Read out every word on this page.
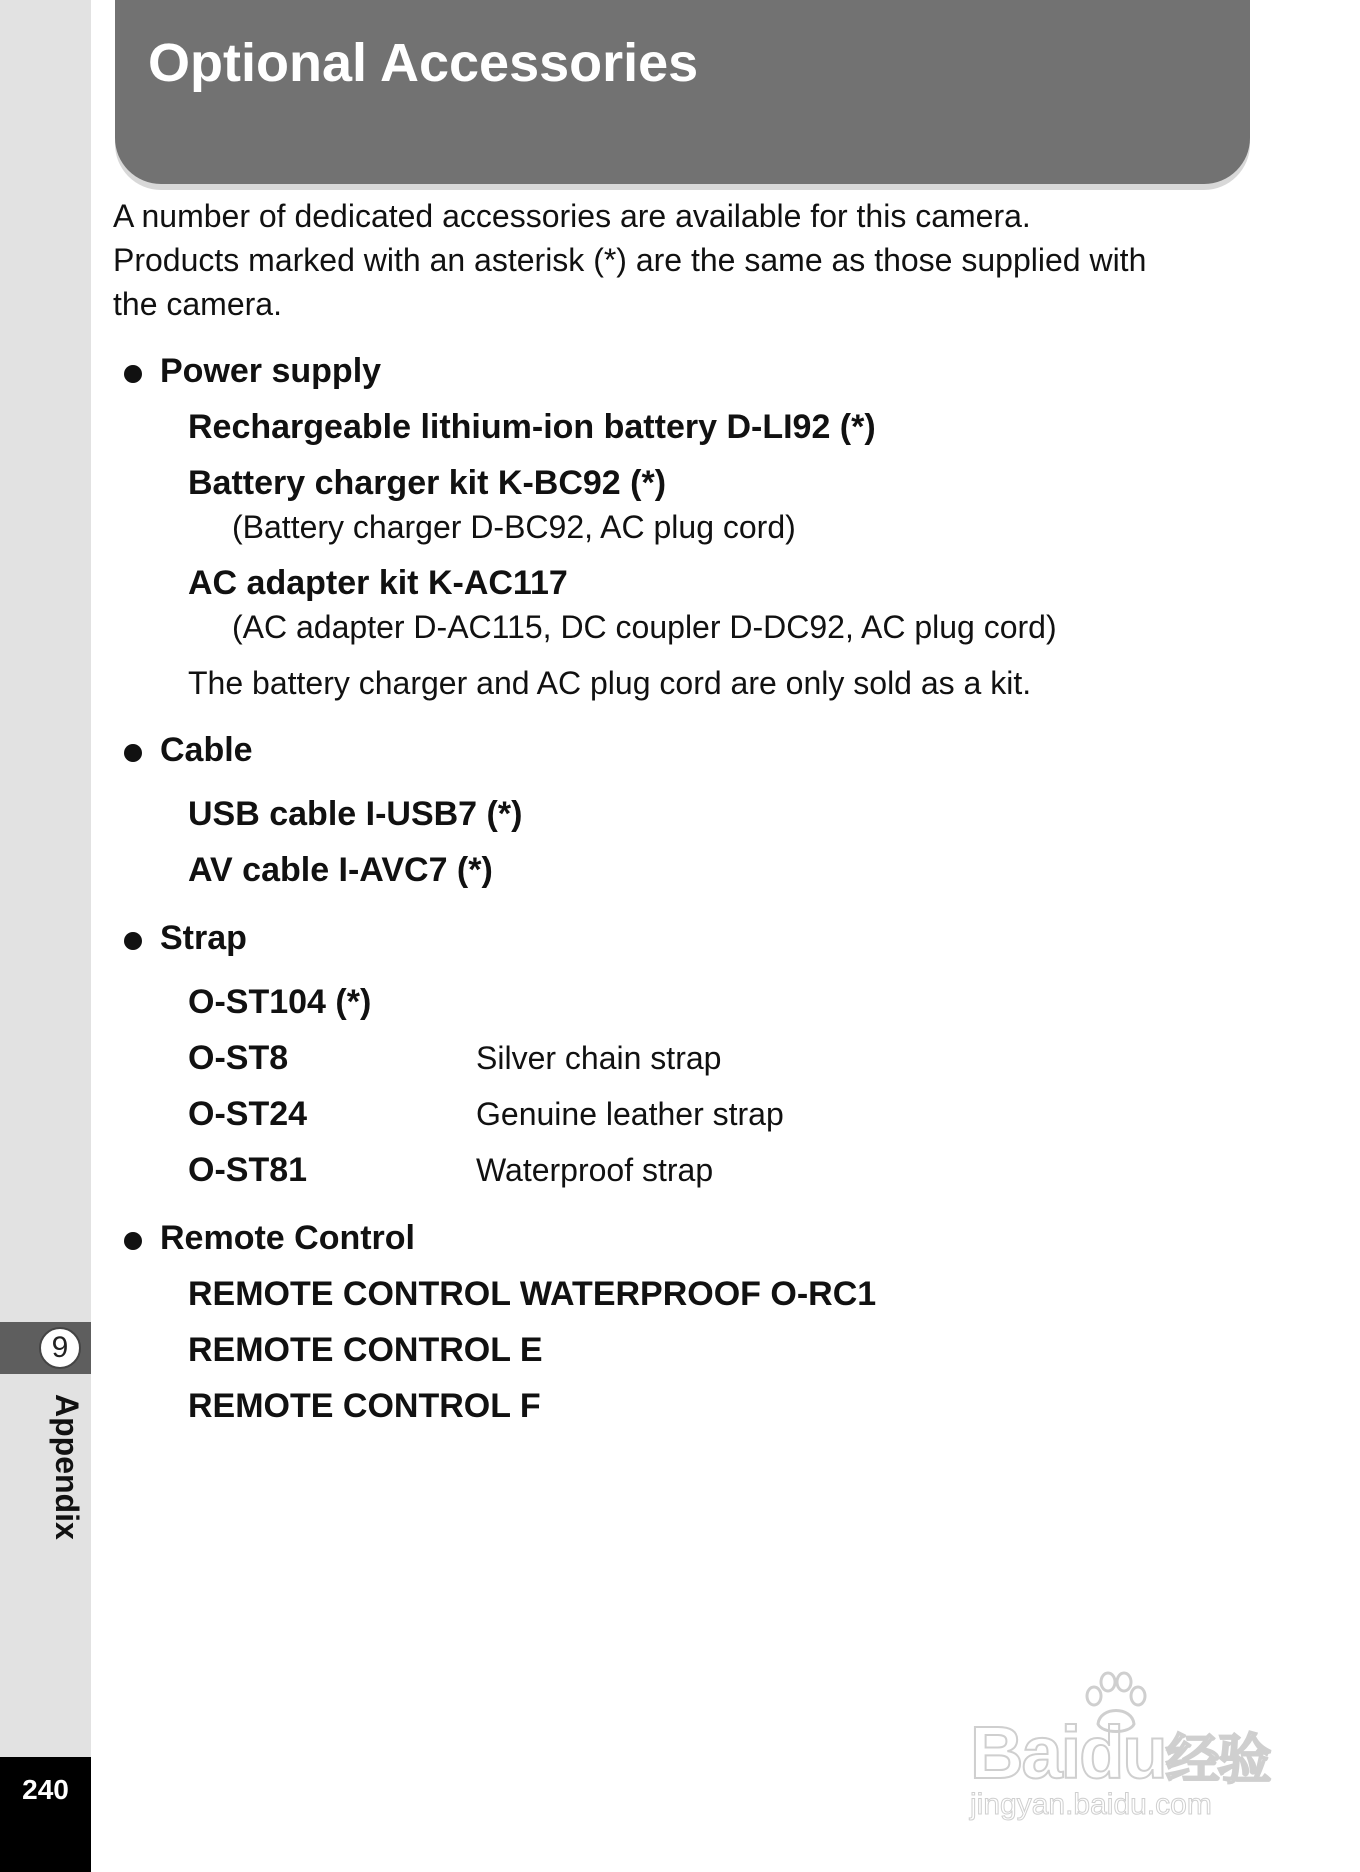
9
Appendix
240
Optional Accessories

A number of dedicated accessories are available for this camera.
Products marked with an asterisk (*) are the same as those supplied with
the camera.

Power supply
Rechargeable lithium-ion battery D-LI92 (*)
Battery charger kit K-BC92 (*)
(Battery charger D-BC92, AC plug cord)
AC adapter kit K-AC117
(AC adapter D-AC115, DC coupler D-DC92, AC plug cord)
The battery charger and AC plug cord are only sold as a kit.
Cable
USB cable I-USB7 (*)
AV cable I-AVC7 (*)
Strap
O-ST104 (*)
O-ST8	Silver chain strap
O-ST24	Genuine leather strap
O-ST81	Waterproof strap
Remote Control
REMOTE CONTROL WATERPROOF O-RC1
REMOTE CONTROL E
REMOTE CONTROL F
Baidu经验
jingyan.baidu.com
